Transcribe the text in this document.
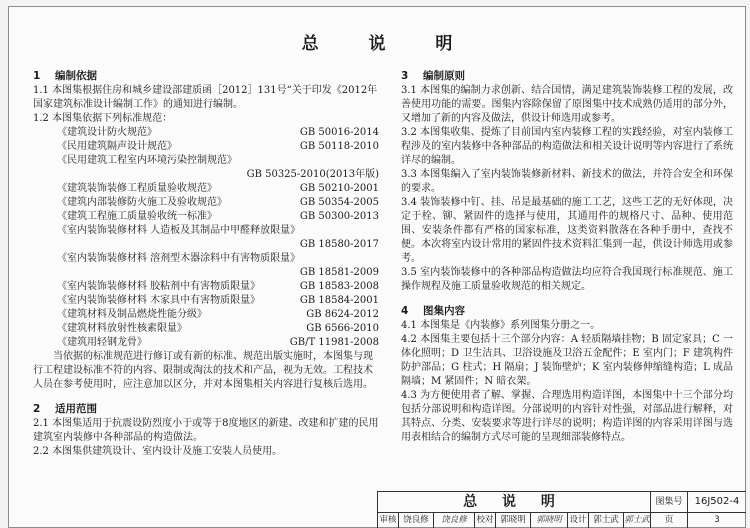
总 说 明
1 编制依据

1.1 本图集根据住房和城乡建设部建质函［2012］131号“关于印发《2012年国家建筑标准设计编制工作》的通知进行编制。

1.2 本图集依据下列标准规范：

《建筑设计防火规范》	GB 50016-2014
《民用建筑隔声设计规范》	GB 50118-2010
《民用建筑工程室内环境污染控制规范》
GB 50325-2010(2013年版)
《建筑装饰装修工程质量验收规范》	GB 50210-2001
《建筑内部装修防火施工及验收规范》	GB 50354-2005
《建筑工程施工质量验收统一标准》	GB 50300-2013
《室内装饰装修材料 人造板及其制品中甲醛释放限量》
GB 18580-2017
《室内装饰装修材料 溶剂型木器涂料中有害物质限量》
GB 18581-2009
《室内装饰装修材料 胶粘剂中有害物质限量》	GB 18583-2008
《室内装饰装修材料 木家具中有害物质限量》	GB 18584-2001
《建筑材料及制品燃烧性能分级》	GB 8624-2012
《建筑材料放射性核素限量》	GB 6566-2010
《建筑用轻钢龙骨》	GB/T 11981-2008

当依据的标准规范进行修订或有新的标准、规范出版实施时，本图集与现行工程建设标准不符的内容、限制或淘汰的技术和产品，视为无效。工程技术人员在参考使用时，应注意加以区分，并对本图集相关内容进行复核后选用。

2 适用范围

2.1 本图集适用于抗震设防烈度小于或等于8度地区的新建、改建和扩建的民用建筑室内装修中各种部品的构造做法。

2.2 本图集供建筑设计、室内设计及施工安装人员使用。

3 编制原则

3.1 本图集的编制力求创新、结合国情，满足建筑装饰装修工程的发展，改善使用功能的需要。图集内容除保留了原图集中技术成熟仍适用的部分外，又增加了新的内容及做法，供设计师选用或参考。

3.2 本图集收集、提炼了目前国内室内装修工程的实践经验，对室内装修工程涉及的室内装修中各种部品的构造做法和相关设计说明等内容进行了系统详尽的编制。

3.3 本图集编入了室内装饰装修新材料、新技术的做法，并符合安全和环保的要求。

3.4 装饰装修中钉、挂、吊是最基础的施工工艺，这些工艺的无好体现，决定于栓、铆、紧固件的选择与使用，其通用件的规格尺寸、品种、使用范围、安装条件都有严格的国家标准，这类资料散落在各种手册中，查找不便。本次将室内设计常用的紧固件技术资料汇集到一起，供设计师选用或参考。

3.5 室内装饰装修中的各种部品构造做法均应符合我国现行标准规范、施工操作规程及施工质量验收规范的相关规定。

4 图集内容

4.1 本图集是《内装修》系列图集分册之一。

4.2 本图集主要包括十三个部分内容：A 轻质隔墙挂物；B 固定家具；C 一体化照明；D 卫生洁具、卫浴设施及卫浴五金配件；E 室内门；F 建筑构件防护部品；G 柱式；H 隔扇；J 装饰壁炉；K 室内装修伸缩缝构造；L 成品隔墙；M 紧固件；N 暗衣架。

4.3 为方便使用者了解、掌握、合理选用构造详图，本图集中十三个部分均包括分部说明和构造详图。分部说明的内容针对性强，对部品进行解释，对其特点、分类、安装要求等进行详尽的说明；构造详图的内容采用详图与选用表相结合的编制方式尽可能的呈现细部装修特点。

总 说 明	图集号	16J502-4
审核 饶良修	饶良修	校对 郭晓明	郭晓明 设计 郭士武 郭士武	页	3
